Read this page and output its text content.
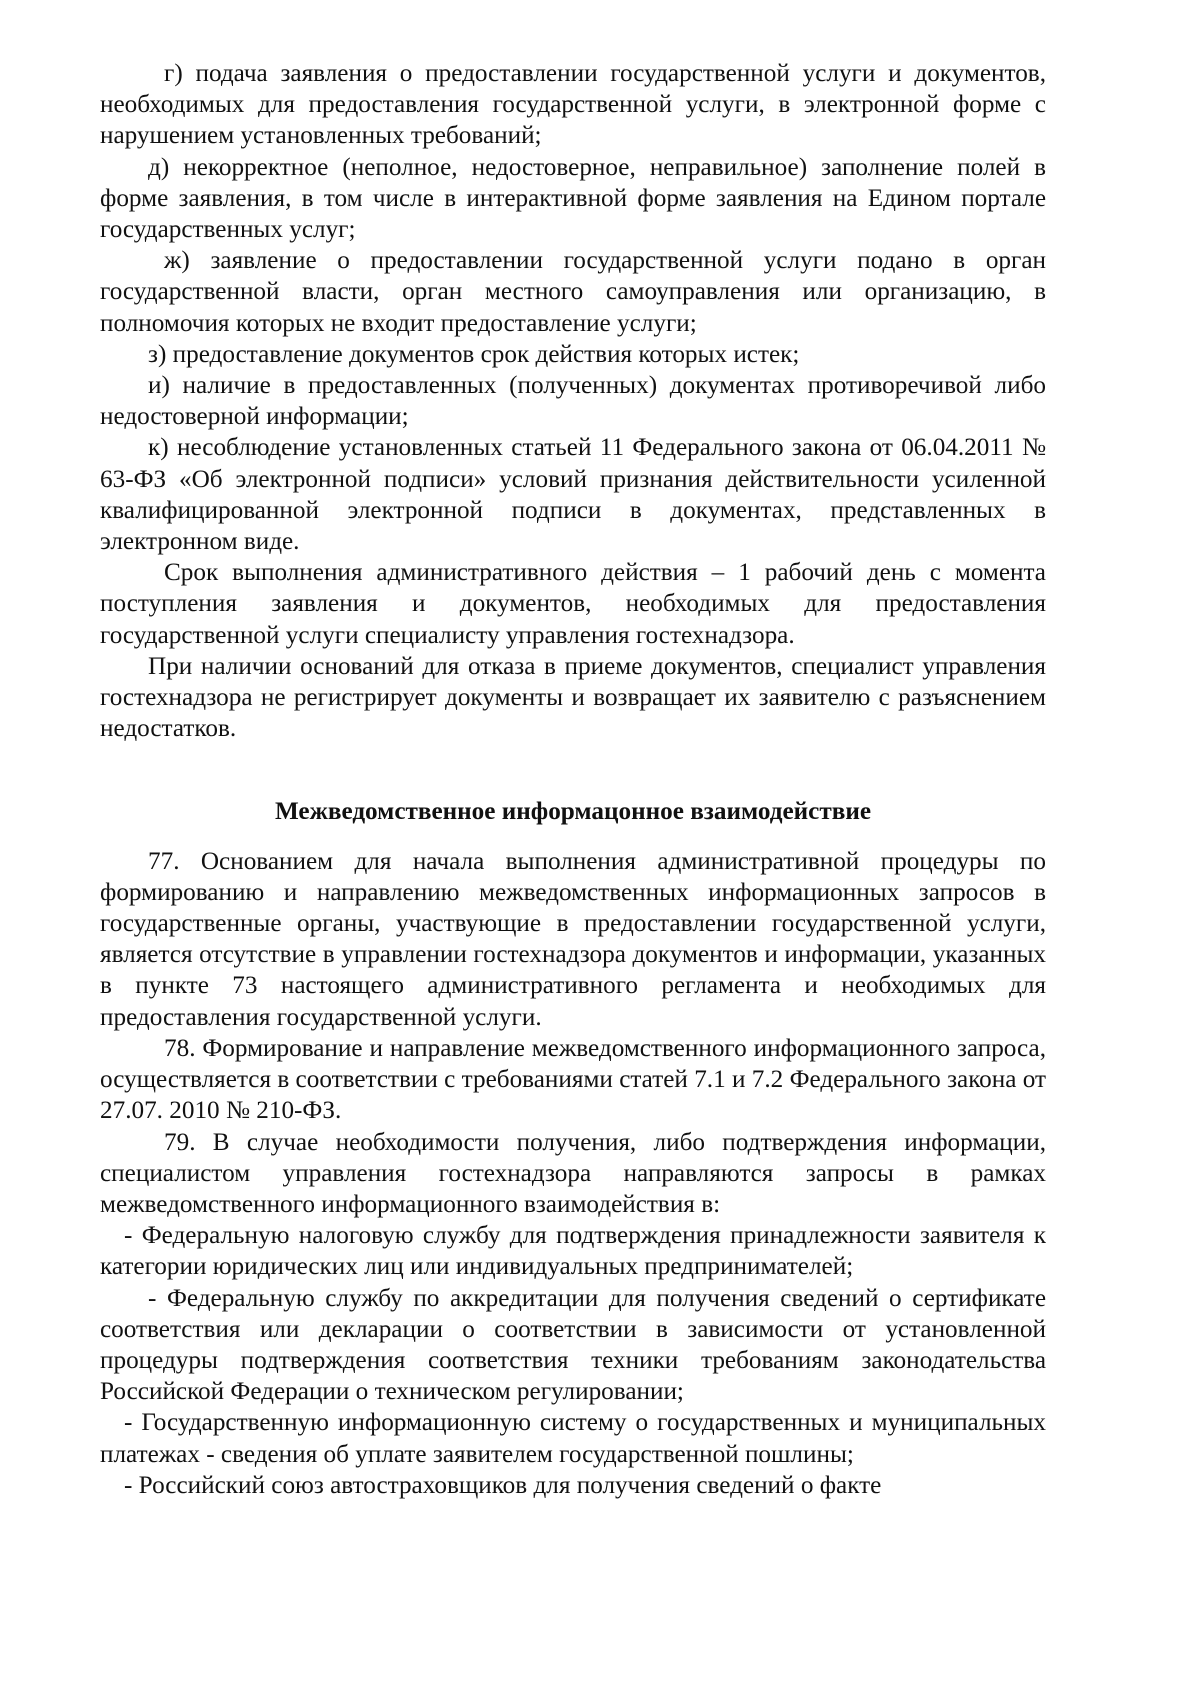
г) подача заявления о предоставлении государственной услуги и документов, необходимых для предоставления государственной услуги, в электронной форме с нарушением установленных требований;

д) некорректное (неполное, недостоверное, неправильное) заполнение полей в форме заявления, в том числе в интерактивной форме заявления на Едином портале государственных услуг;

ж) заявление о предоставлении государственной услуги подано в орган государственной власти, орган местного самоуправления или организацию, в полномочия которых не входит предоставление услуги;

з) предоставление документов срок действия которых истек;

и) наличие в предоставленных (полученных) документах противоречивой либо недостоверной информации;

к) несоблюдение установленных статьей 11 Федерального закона от 06.04.2011 № 63-ФЗ «Об электронной подписи» условий признания действительности усиленной квалифицированной электронной подписи в документах, представленных в электронном виде.

Срок выполнения административного действия – 1 рабочий день с момента поступления заявления и документов, необходимых для предоставления государственной услуги специалисту управления гостехнадзора.

При наличии оснований для отказа в приеме документов, специалист управления гостехнадзора не регистрирует документы и возвращает их заявителю с разъяснением недостатков.

Межведомственное информацонное взаимодействие

77. Основанием для начала выполнения административной процедуры по формированию и направлению межведомственных информационных запросов в государственные органы, участвующие в предоставлении государственной услуги, является отсутствие в управлении гостехнадзора документов и информации, указанных в пункте 73 настоящего административного регламента и необходимых для предоставления государственной услуги.

78. Формирование и направление межведомственного информационного запроса, осуществляется в соответствии с требованиями статей 7.1 и 7.2 Федерального закона от 27.07. 2010 № 210-ФЗ.

79. В случае необходимости получения, либо подтверждения информации, специалистом управления гостехнадзора направляются запросы в рамках межведомственного информационного взаимодействия в:

- Федеральную налоговую службу для подтверждения принадлежности заявителя к категории юридических лиц или индивидуальных предпринимателей;

- Федеральную службу по аккредитации для получения сведений о сертификате соответствия или декларации о соответствии в зависимости от установленной процедуры подтверждения соответствия техники требованиям законодательства Российской Федерации о техническом регулировании;

- Государственную информационную систему о государственных и муниципальных платежах - сведения об уплате заявителем государственной пошлины;

- Российский союз автостраховщиков для получения сведений о факте
